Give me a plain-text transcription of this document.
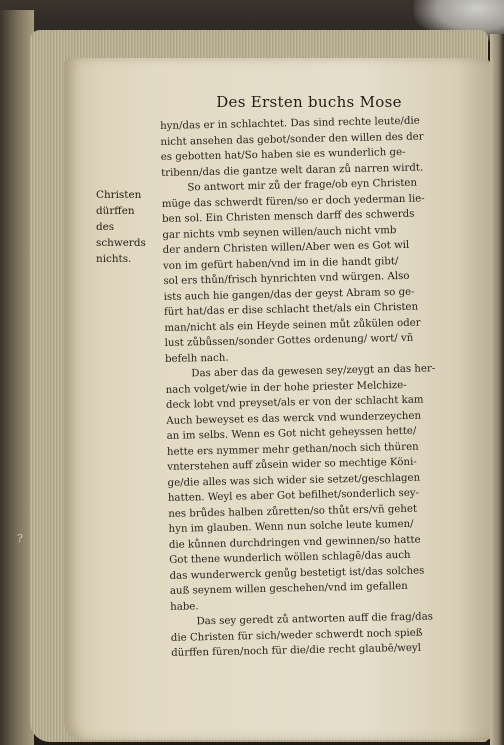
?
Des Ersten buchs Mose
Christen
dürffen
des
schwerds
nichts.
hyn/das er in schlachtet. Das sind rechte leute/die
nicht ansehen das gebot/sonder den willen des der
es gebotten hat/So haben sie es wunderlich ge-
tribenn/das die gantze welt daran zů narren wirdt.
So antwort mir zů der frage/ob eyn Christen
müge das schwerdt füren/so er doch yederman lie-
ben sol. Ein Christen mensch darff des schwerds
gar nichts vmb seynen willen/auch nicht vmb
der andern Christen willen/Aber wen es Got wil
von im gefürt haben/vnd im in die handt gibt/
sol ers thůn/frisch hynrichten vnd würgen. Also
ists auch hie gangen/das der geyst Abram so ge-
fürt hat/das er dise schlacht thet/als ein Christen
man/nicht als ein Heyde seinen můt zůkülen oder
lust zůbůssen/sonder Gottes ordenung/ wort/ vñ
befelh nach.
Das aber das da gewesen sey/zeygt an das her-
nach volget/wie in der hohe priester Melchize-
deck lobt vnd preyset/als er von der schlacht kam
Auch beweyset es das werck vnd wunderzeychen
an im selbs. Wenn es Got nicht geheyssen hette/
hette ers nymmer mehr gethan/noch sich thüren
vnterstehen auff zůsein wider so mechtige Köni-
ge/die alles was sich wider sie setzet/geschlagen
hatten. Weyl es aber Got befilhet/sonderlich sey-
nes brůdes halben zůretten/so thůt ers/vñ gehet
hyn im glauben. Wenn nun solche leute kumen/
die kůnnen durchdringen vnd gewinnen/so hatte
Got thene wunderlich wöllen schlagē/das auch
das wunderwerck genůg bestetigt ist/das solches
auß seynem willen geschehen/vnd im gefallen
habe.
Das sey geredt zů antworten auff die frag/das
die Christen für sich/weder schwerdt noch spieß
dürffen füren/noch für die/die recht glaubē/weyl
